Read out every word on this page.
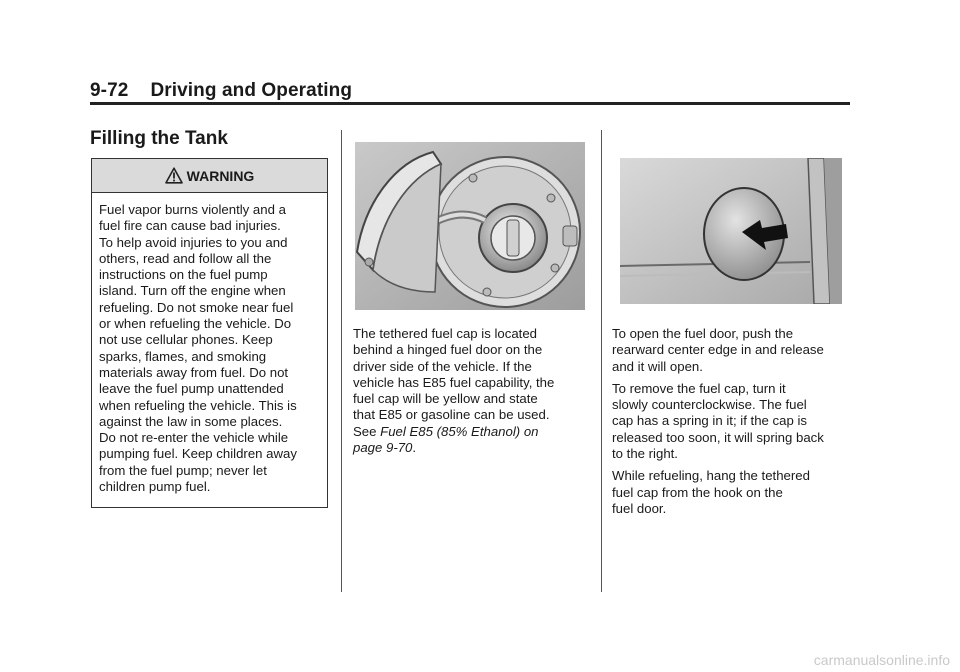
9-72 Driving and Operating
Filling the Tank
WARNING
Fuel vapor burns violently and a
fuel fire can cause bad injuries.
To help avoid injuries to you and
others, read and follow all the
instructions on the fuel pump
island. Turn off the engine when
refueling. Do not smoke near fuel
or when refueling the vehicle. Do
not use cellular phones. Keep
sparks, flames, and smoking
materials away from fuel. Do not
leave the fuel pump unattended
when refueling the vehicle. This is
against the law in some places.
Do not re-enter the vehicle while
pumping fuel. Keep children away
from the fuel pump; never let
children pump fuel.
The tethered fuel cap is located
behind a hinged fuel door on the
driver side of the vehicle. If the
vehicle has E85 fuel capability, the
fuel cap will be yellow and state
that E85 or gasoline can be used.
See Fuel E85 (85% Ethanol) on
page 9-70.

To open the fuel door, push the
rearward center edge in and release
and it will open.

To remove the fuel cap, turn it
slowly counterclockwise. The fuel
cap has a spring in it; if the cap is
released too soon, it will spring back
to the right.

While refueling, hang the tethered
fuel cap from the hook on the
fuel door.

carmanualsonline.info
